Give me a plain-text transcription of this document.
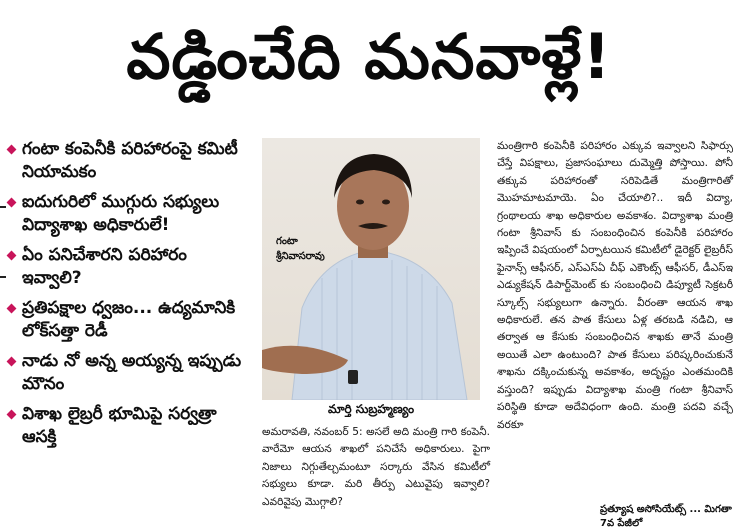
వడ్డించేది మనవాళ్లే!
గంటా కంపెనీకి పరిహారంపై కమిటీ నియామకం
ఐదుగురిలో ముగ్గురు సభ్యులు విద్యాశాఖ అధికారులే!
ఏం పనిచేశారని పరిహారం ఇవ్వాలి?
ప్రతిపక్షాల ధ్వజం... ఉద్యమానికి లోక్‌సత్తా రెడీ
నాడు నో అన్న అయ్యన్న ఇప్పుడు మౌనం
విశాఖ లైబ్రరీ భూమిపై సర్వత్రా ఆసక్తి
గంటా
శ్రీనివాసరావు
మార్తి సుబ్రహ్మణ్యం
అమరావతి, నవంబర్ 5: అసలే అది మంత్రి గారి కంపెనీ. వారేమో ఆయన శాఖలో పనిచేసే అధికారులు. పైగా నిజాలు నిగ్గుతేల్చమంటూ సర్కారు వేసిన కమిటీలో సభ్యులు కూడా. మరి తీర్పు ఎటువైపు ఇవ్వాలి? ఎవరివైపు మొగ్గాలి?
మంత్రిగారి కంపెనీకి పరిహారం ఎక్కువ ఇవ్వాలని సిఫార్సు చేస్తే విపక్షాలు, ప్రజాసంఘాలు దుమ్మెత్తి పోస్తాయి. పోనీ తక్కువ పరిహారంతో సరిపెడితే మంత్రిగారితో మొహమాటమాయె. ఏం చేయాలి?.. ఇదీ విద్యా, గ్రంథాలయ శాఖ అధికారుల అవకాశం. విద్యాశాఖ మంత్రి గంటా శ్రీనివాస్ కు సంబంధించిన కంపెనీకి పరిహారం ఇప్పించే విషయంలో ఏర్పాటయిన కమిటీలో డైరెక్టర్ లైబ్రరీస్ ఫైనాన్స్ ఆఫీసర్, ఎస్‌ఎస్‌ఏ చీఫ్ ఎకౌంట్స్ ఆఫీసర్, డీఎస్‌ఇ ఎడ్యుకేషన్ డిపార్ట్‌మెంట్ కు సంబంధించి డిప్యూటీ సెక్రటరీ స్కూల్స్ సభ్యులుగా ఉన్నారు. వీరంతా ఆయన శాఖ అధికారులే. తన పాత కేసులు ఏళ్ల తరబడి నడిచి, ఆ తర్వాత ఆ కేసుకు సంబంధించిన శాఖకు తానే మంత్రి అయితే ఎలా ఉంటుంది? పాత కేసులు పరిష్కరించుకునే శాఖను దక్కించుకున్న అవకాశం, అదృష్టం ఎంతమందికి వస్తుంది? ఇప్పుడు విద్యాశాఖ మంత్రి గంటా శ్రీనివాస్ పరిస్థితి కూడా అదేవిధంగా ఉంది. మంత్రి పదవి వచ్చే వరకూ
ప్రత్యూష అసోసియేట్స్ ... మిగతా 7వ పేజీలో
